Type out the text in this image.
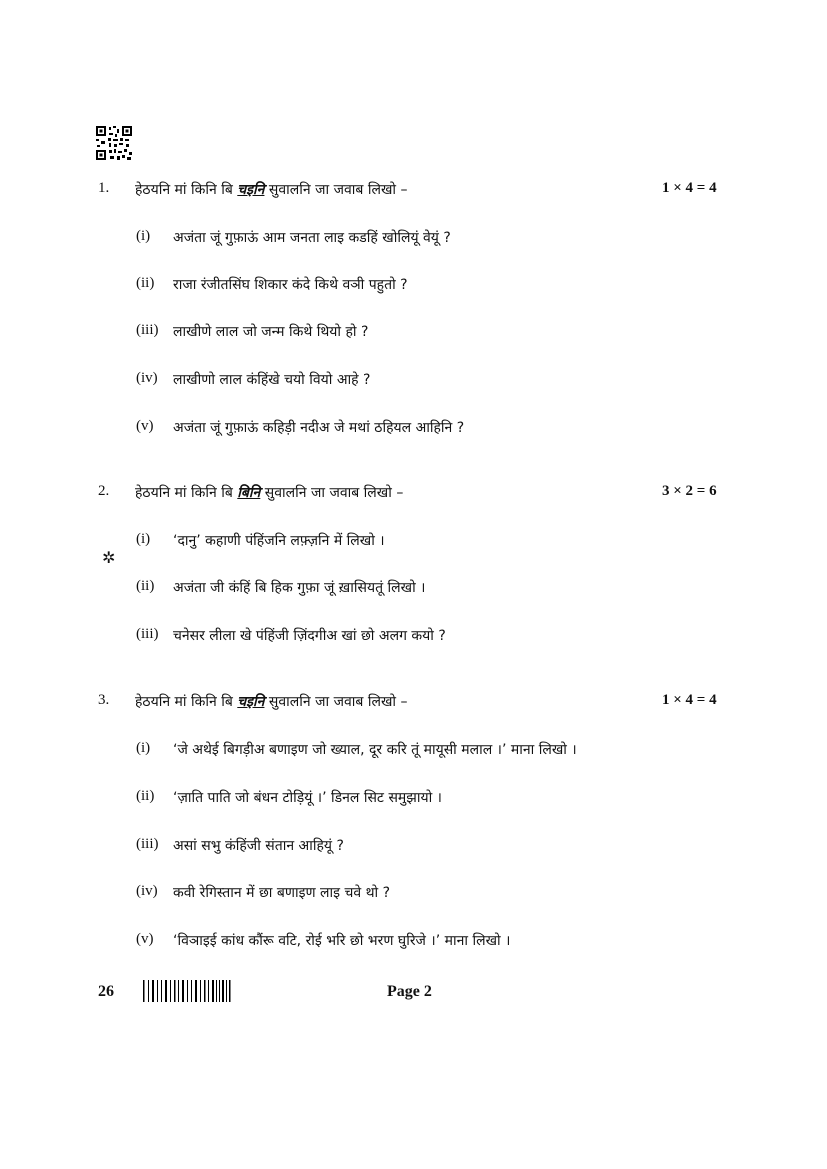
1. हेठयनि मां किनि बि चइनि सुवालनि जा जवाब लिखो –	1 × 4 = 4
(i) अजंता जूं गुफ़ाऊं आम जनता लाइ कडहिं खोलियूं वेयूं ?
(ii) राजा रंजीतसिंघ शिकार कंदे किथे वञी पहुतो ?
(iii) लाखीणे लाल जो जन्म किथे थियो हो ?
(iv) लाखीणो लाल कंहिंखे चयो वियो आहे ?
(v) अजंता जूं गुफ़ाऊं कहिड़ी नदीअ जे मथां ठहियल आहिनि ?
2. हेठयनि मां किनि बि बिनि सुवालनि जा जवाब लिखो –	3 × 2 = 6
(i) ‘दानु’ कहाणी पंहिंजनि लफ़्ज़नि में लिखो ।
✲
(ii) अजंता जी कंहिं बि हिक गुफ़ा जूं ख़ासियतूं लिखो ।
(iii) चनेसर लीला खे पंहिंजी ज़िंदगीअ खां छो अलग कयो ?
3. हेठयनि मां किनि बि चइनि सुवालनि जा जवाब लिखो –	1 × 4 = 4
(i) ‘जे अथेई बिगड़ीअ बणाइण जो ख्याल, दूर करि तूं मायूसी मलाल ।’ माना लिखो ।
(ii) ‘ज़ाति पाति जो बंधन टोड़ियूं ।’ डिनल सिट समुझायो ।
(iii) असां सभु कंहिंजी संतान आहियूं ?
(iv) कवी रेगिस्तान में छा बणाइण लाइ चवे थो ?
(v) ‘विञाइई कांध कौंरू वटि, रोई भरि छो भरण घुरिजे ।’ माना लिखो ।
26	Page 2
